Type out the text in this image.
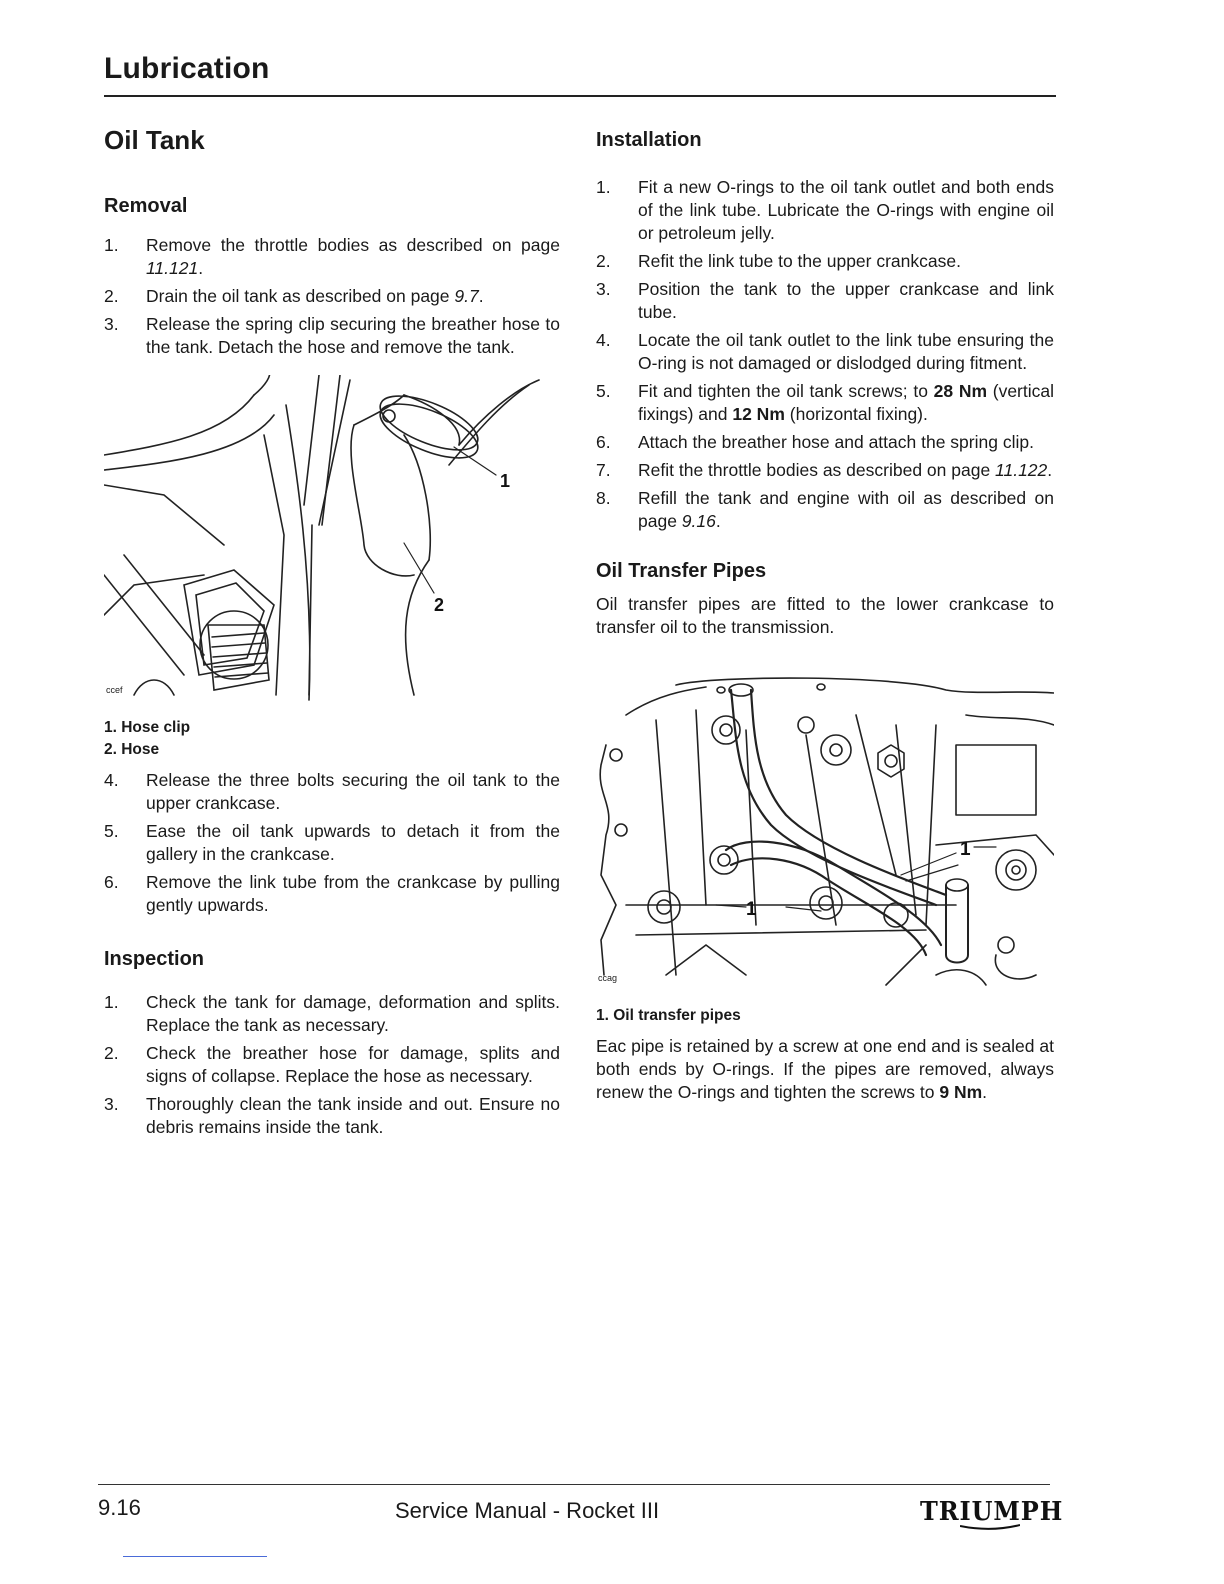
Lubrication
Oil Tank
Removal
1.	Remove the throttle bodies as described on page 11.121.
2.	Drain the oil tank as described on page 9.7.
3.	Release the spring clip securing the breather hose to the tank. Detach the hose and remove the tank.
ccef
1
2
1. Hose clip
2. Hose
4.	Release the three bolts securing the oil tank to the upper crankcase.
5.	Ease the oil tank upwards to detach it from the gallery in the crankcase.
6.	Remove the link tube from the crankcase by pulling gently upwards.
Inspection
1.	Check the tank for damage, deformation and splits. Replace the tank as necessary.
2.	Check the breather hose for damage, splits and signs of collapse. Replace the hose as necessary.
3.	Thoroughly clean the tank inside and out. Ensure no debris remains inside the tank.
Installation
1.	Fit a new O-rings to the oil tank outlet and both ends of the link tube. Lubricate the O-rings with engine oil or petroleum jelly.
2.	Refit the link tube to the upper crankcase.
3.	Position the tank to the upper crankcase and link tube.
4.	Locate the oil tank outlet to the link tube ensuring the O-ring is not damaged or dislodged during fitment.
5.	Fit and tighten the oil tank screws; to 28 Nm (vertical fixings) and 12 Nm (horizontal fixing).
6.	Attach the breather hose and attach the spring clip.
7.	Refit the throttle bodies as described on page 11.122.
8.	Refill the tank and engine with oil as described on page 9.16.
Oil Transfer Pipes

Oil transfer pipes are fitted to the lower crankcase to transfer oil to the transmission.

ccag
1
1
1. Oil transfer pipes

Eac pipe is retained by a screw at one end and is sealed at both ends by O-rings. If the pipes are removed, always renew the O-rings and tighten the screws to 9 Nm.

9.16	Service Manual - Rocket III	TRIUMPH
